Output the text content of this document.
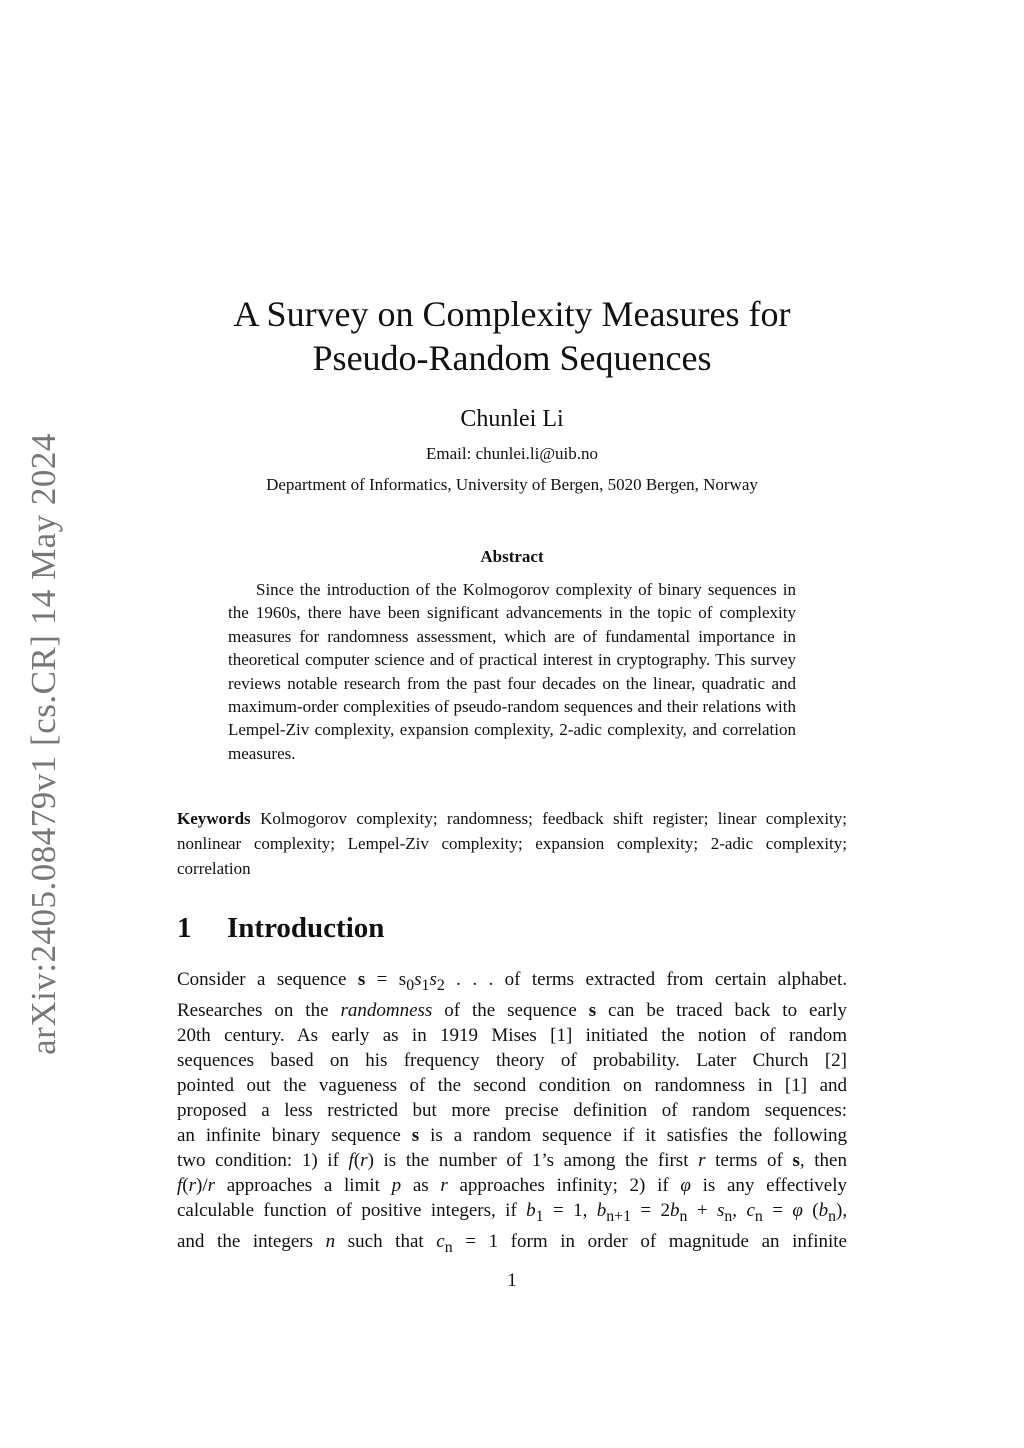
arXiv:2405.08479v1 [cs.CR] 14 May 2024
A Survey on Complexity Measures for
Pseudo-Random Sequences
Chunlei Li
Email: chunlei.li@uib.no
Department of Informatics, University of Bergen, 5020 Bergen, Norway
Abstract
Since the introduction of the Kolmogorov complexity of binary sequences in the 1960s, there have been significant advancements in the topic of complexity measures for randomness assessment, which are of fundamental importance in theoretical computer science and of practical interest in cryptography. This survey reviews notable research from the past four decades on the linear, quadratic and maximum-order complexities of pseudo-random sequences and their relations with Lempel-Ziv complexity, expansion complexity, 2-adic complexity, and correlation measures.
Keywords Kolmogorov complexity; randomness; feedback shift register; linear complexity; nonlinear complexity; Lempel-Ziv complexity; expansion complexity; 2-adic complexity; correlation
1 Introduction
Consider a sequence $s = s_0s_1s_2$ . . . of terms extracted from certain alphabet.
Researches on the randomness of the sequence s can be traced back to early
20th century. As early as in 1919 Mises [1] initiated the notion of random
sequences based on his frequency theory of probability. Later Church [2]
pointed out the vagueness of the second condition on randomness in [1] and
proposed a less restricted but more precise definition of random sequences:
an infinite binary sequence s is a random sequence if it satisfies the following
two condition: 1) if f(r) is the number of 1’s among the first r terms of s, then
f(r)/r approaches a limit p as r approaches infinity; 2) if φ is any effectively
calculable function of positive integers, if $b_1 = 1$, $b_{n+1} = 2b_n + s_n$, $c_n = \varphi$ $(b_n)$,
and the integers n such that $c_n = 1$ form in order of magnitude an infinite
1
